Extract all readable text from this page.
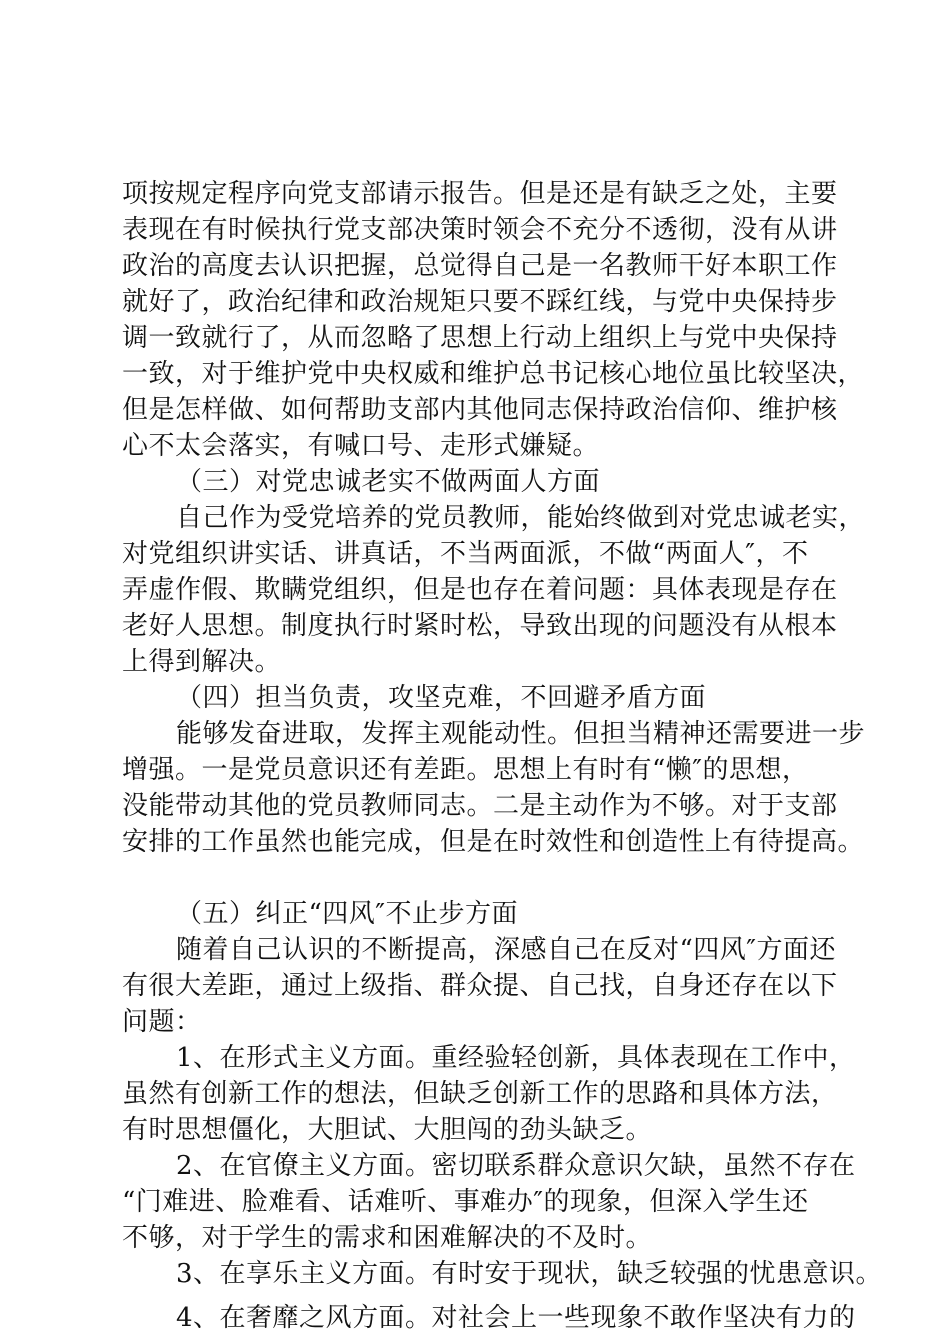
项按规定程序向党支部请示报告。但是还是有缺乏之处，主要
表现在有时候执行党支部决策时领会不充分不透彻，没有从讲
政治的高度去认识把握，总觉得自己是一名教师干好本职工作
就好了，政治纪律和政治规矩只要不踩红线，与党中央保持步
调一致就行了，从而忽略了思想上行动上组织上与党中央保持
一致，对于维护党中央权威和维护总书记核心地位虽比较坚决，
但是怎样做、如何帮助支部内其他同志保持政治信仰、维护核
心不太会落实，有喊口号、走形式嫌疑。
（三）对党忠诚老实不做两面人方面
自己作为受党培养的党员教师，能始终做到对党忠诚老实，
对党组织讲实话、讲真话，不当两面派，不做“两面人″，不
弄虚作假、欺瞒党组织，但是也存在着问题：具体表现是存在
老好人思想。制度执行时紧时松，导致出现的问题没有从根本
上得到解决。
（四）担当负责，攻坚克难，不回避矛盾方面
能够发奋进取，发挥主观能动性。但担当精神还需要进一步
增强。一是党员意识还有差距。思想上有时有“懒″的思想，
没能带动其他的党员教师同志。二是主动作为不够。对于支部
安排的工作虽然也能完成，但是在时效性和创造性上有待提高。
（五）纠正“四风″不止步方面
随着自己认识的不断提高，深感自己在反对“四风″方面还
有很大差距，通过上级指、群众提、自己找，自身还存在以下
问题：
1、在形式主义方面。重经验轻创新，具体表现在工作中，
虽然有创新工作的想法，但缺乏创新工作的思路和具体方法，
有时思想僵化，大胆试、大胆闯的劲头缺乏。
2、在官僚主义方面。密切联系群众意识欠缺，虽然不存在
“门难进、脸难看、话难听、事难办″的现象，但深入学生还
不够，对于学生的需求和困难解决的不及时。
3、在享乐主义方面。有时安于现状，缺乏较强的忧患意识。
4、在奢靡之风方面。对社会上一些现象不敢作坚决有力的
